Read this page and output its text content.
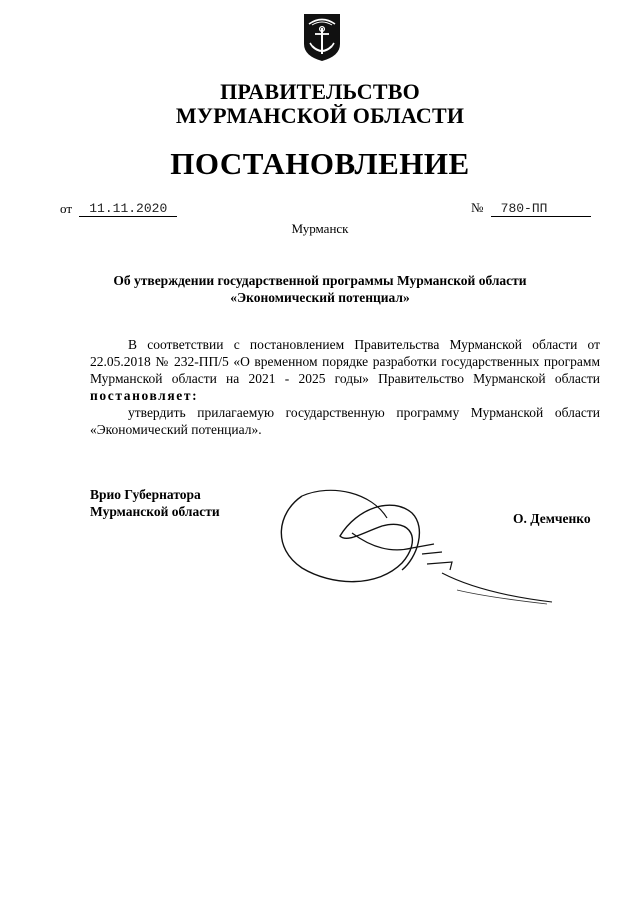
ПРАВИТЕЛЬСТВО
МУРМАНСКОЙ ОБЛАСТИ
ПОСТАНОВЛЕНИЕ
от 11.11.2020	№ 780-ПП
Мурманск
Об утверждении государственной программы Мурманской области
«Экономический потенциал»

В соответствии с постановлением Правительства Мурманской области от 22.05.2018 № 232-ПП/5 «О временном порядке разработки государственных программ Мурманской области на 2021 - 2025 годы» Правительство Мурманской области постановляет:

утвердить прилагаемую государственную программу Мурманской области «Экономический потенциал».

Врио Губернатора
Мурманской области	О. Демченко
